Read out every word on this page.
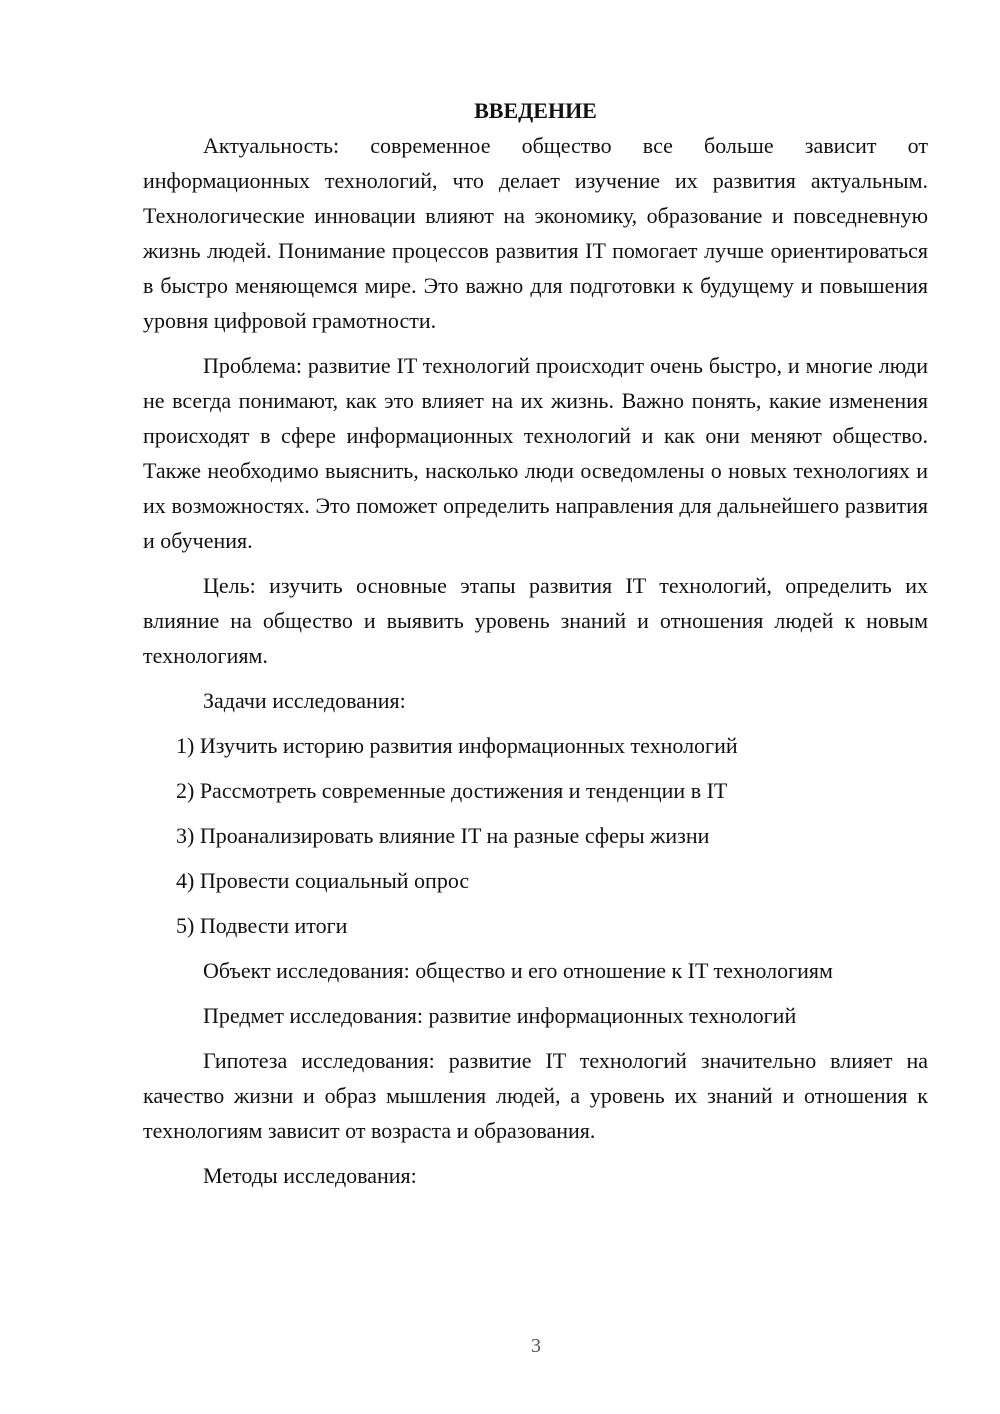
ВВЕДЕНИЕ

Актуальность: современное общество все больше зависит от информационных технологий, что делает изучение их развития актуальным. Технологические инновации влияют на экономику, образование и повседневную жизнь людей. Понимание процессов развития IT помогает лучше ориентироваться в быстро меняющемся мире. Это важно для подготовки к будущему и повышения уровня цифровой грамотности.

Проблема: развитие IT технологий происходит очень быстро, и многие люди не всегда понимают, как это влияет на их жизнь. Важно понять, какие изменения происходят в сфере информационных технологий и как они меняют общество. Также необходимо выяснить, насколько люди осведомлены о новых технологиях и их возможностях. Это поможет определить направления для дальнейшего развития и обучения.

Цель: изучить основные этапы развития IT технологий, определить их влияние на общество и выявить уровень знаний и отношения людей к новым технологиям.

Задачи исследования:

1) Изучить историю развития информационных технологий
2) Рассмотреть современные достижения и тенденции в IT
3) Проанализировать влияние IT на разные сферы жизни
4) Провести социальный опрос
5) Подвести итоги

Объект исследования: общество и его отношение к IT технологиям

Предмет исследования: развитие информационных технологий

Гипотеза исследования: развитие IT технологий значительно влияет на качество жизни и образ мышления людей, а уровень их знаний и отношения к технологиям зависит от возраста и образования.

Методы исследования:

3
